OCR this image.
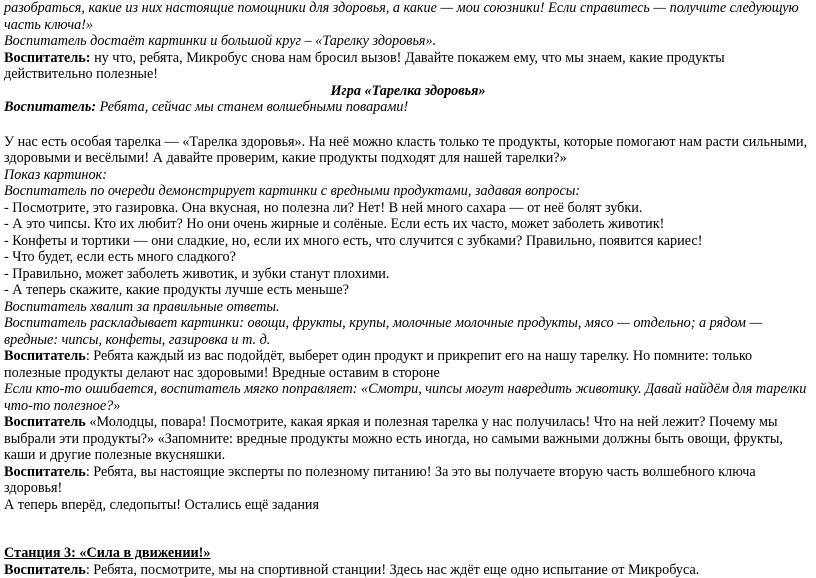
разобраться, какие из них настоящие помощники для здоровья, а какие — мои союзники! Если справитесь — получите следующую часть ключа!»

Воспитатель достаёт картинки и большой круг – «Тарелку здоровья».

Воспитатель: ну что, ребята, Микробус снова нам бросил вызов! Давайте покажем ему, что мы знаем, какие продукты действительно полезные!

Игра «Тарелка здоровья»

Воспитатель: Ребята, сейчас мы станем волшебными поварами!

У нас есть особая тарелка — «Тарелка здоровья». На неё можно класть только те продукты, которые помогают нам расти сильными, здоровыми и весёлыми! А давайте проверим, какие продукты подходят для нашей тарелки?»

Показ картинок:

Воспитатель по очереди демонстрирует картинки с вредными продуктами, задавая вопросы:

- Посмотрите, это газировка. Она вкусная, но полезна ли? Нет! В ней много сахара — от неё болят зубки.

- А это чипсы. Кто их любит? Но они очень жирные и солёные. Если есть их часто, может заболеть животик!

- Конфеты и тортики — они сладкие, но, если их много есть, что случится с зубками? Правильно, появится кариес!

- Что будет, если есть много сладкого?

- Правильно, может заболеть животик, и зубки станут плохими.

- А теперь скажите, какие продукты лучше есть меньше?

Воспитатель хвалит за правильные ответы.

Воспитатель раскладывает картинки: овощи, фрукты, крупы, молочные молочные продукты, мясо — отдельно; а рядом — вредные: чипсы, конфеты, газировка и т. д.

Воспитатель: Ребята каждый из вас подойдёт, выберет один продукт и прикрепит его на нашу тарелку. Но помните: только полезные продукты делают нас здоровыми! Вредные оставим в стороне

Если кто-то ошибается, воспитатель мягко поправляет: «Смотри, чипсы могут навредить животику. Давай найдём для тарелки что-то полезное?»

Воспитатель «Молодцы, повара! Посмотрите, какая яркая и полезная тарелка у нас получилась! Что на ней лежит? Почему мы выбрали эти продукты?» «Запомните: вредные продукты можно есть иногда, но самыми важными должны быть овощи, фрукты, каши и другие полезные вкусняшки.

Воспитатель: Ребята, вы настоящие эксперты по полезному питанию! За это вы получаете вторую часть волшебного ключа здоровья!

А теперь вперёд, следопыты! Остались ещё задания

Станция 3: «Сила в движении!»

Воспитатель: Ребята, посмотрите, мы на спортивной станции! Здесь нас ждёт еще одно испытание от Микробуса.
